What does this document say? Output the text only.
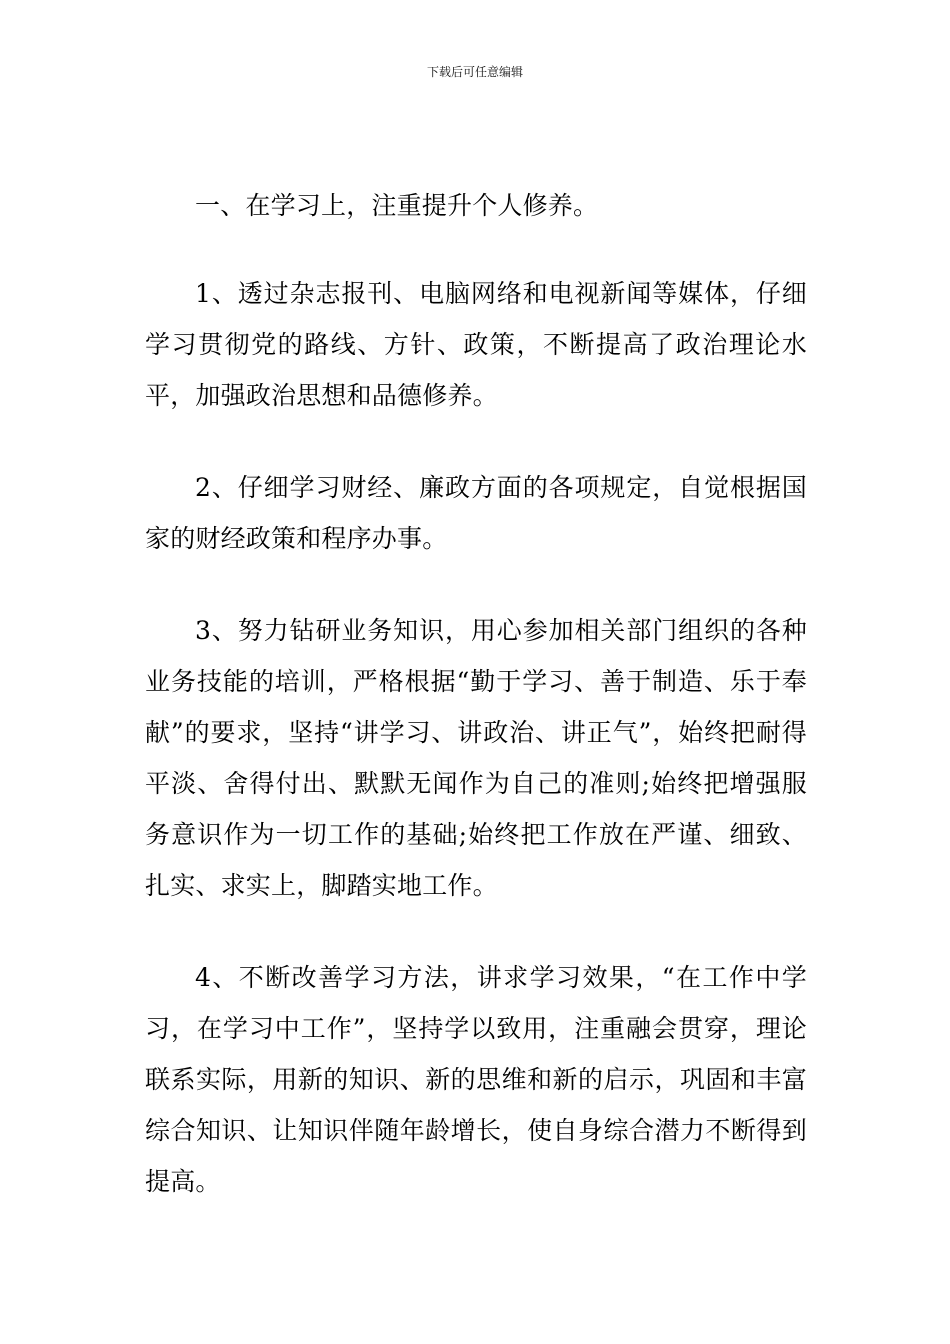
下载后可任意编辑

一、在学习上，注重提升个人修养。

1、透过杂志报刊、电脑网络和电视新闻等媒体，仔细学习贯彻党的路线、方针、政策，不断提高了政治理论水平，加强政治思想和品德修养。

2、仔细学习财经、廉政方面的各项规定，自觉根据国家的财经政策和程序办事。

3、努力钻研业务知识，用心参加相关部门组织的各种业务技能的培训，严格根据“勤于学习、善于制造、乐于奉献”的要求，坚持“讲学习、讲政治、讲正气”，始终把耐得平淡、舍得付出、默默无闻作为自己的准则;始终把增强服务意识作为一切工作的基础;始终把工作放在严谨、细致、扎实、求实上，脚踏实地工作。

4、不断改善学习方法，讲求学习效果，“在工作中学习，在学习中工作”，坚持学以致用，注重融会贯穿，理论联系实际，用新的知识、新的思维和新的启示，巩固和丰富综合知识、让知识伴随年龄增长，使自身综合潜力不断得到提高。
